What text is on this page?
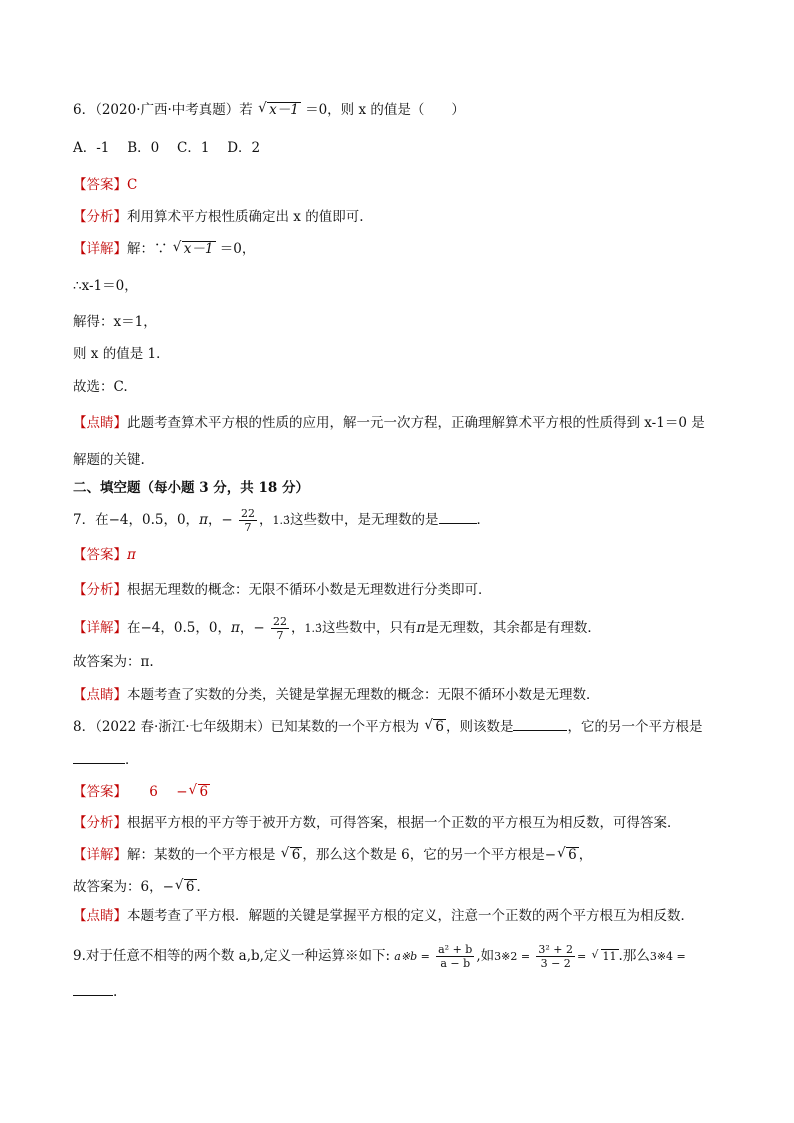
6．（2020·广西·中考真题）若 √ x－1 ＝0，则 x 的值是（　　）
A．-1　 B．0　 C．1　 D．2
【答案】C
【分析】利用算术平方根性质确定出 x 的值即可.
【详解】解：∵ √ x－1 ＝0，
∴x-1＝0，
解得：x＝1，
则 x 的值是 1．
故选：C.
【点睛】此题考查算术平方根的性质的应用，解一元一次方程，正确理解算术平方根的性质得到 x-1＝0 是
解题的关键.
二、填空题（每小题 3 分，共 18 分）
7．在−4，0.5，0，π，− $\frac{22}{7}$ ，1.3̇这些数中，是无理数的是	．
【答案】π
【分析】根据无理数的概念：无限不循环小数是无理数进行分类即可．
【详解】在−4，0.5，0，π，− $\frac{22}{7}$ ，1.3̇这些数中，只有π是无理数，其余都是有理数．
故答案为：π.
【点睛】本题考查了实数的分类，关键是掌握无理数的概念：无限不循环小数是无理数．
8．（2022 春·浙江·七年级期末）已知某数的一个平方根为 √ 6 ，则该数是	，它的另一个平方根是
．
【答案】 6 − √ 6
【分析】根据平方根的平方等于被开方数，可得答案，根据一个正数的平方根互为相反数，可得答案．
【详解】解：某数的一个平方根是 √ 6 ，那么这个数是 6，它的另一个平方根是− √ 6 ，
故答案为：6，− √ 6 ．
【点睛】本题考查了平方根．解题的关键是掌握平方根的定义，注意一个正数的两个平方根互为相反数．
9.对于任意不相等的两个数 a,b,定义一种运算※如下: a※b = $\frac{\text{a² + b}}{a - b}$ ,如3※2 = $\frac{\text{3² + 2}}{3 - 2}$ = √ 11 .那么3※4 =
.
